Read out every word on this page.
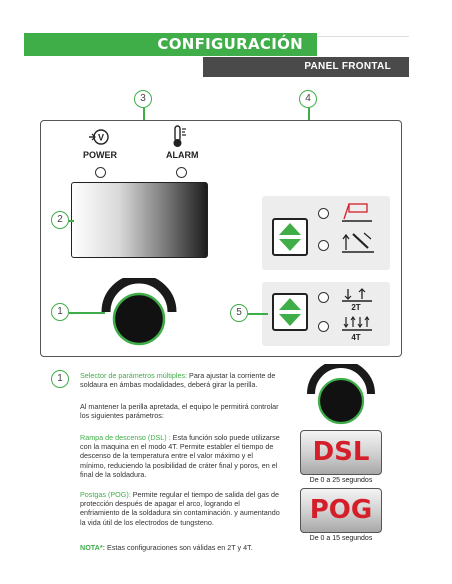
CONFIGURACIÓN
PANEL FRONTAL
3	4
V
POWER	ALARM
2
1	2T
4T
5
1	Selector de parámetros múltiples: Para ajustar la corriente de soldaura en ámbas modalidades, deberá girar la perilla.
Al mantener la perilla apretada, el equipo le permitirá controlar los siguientes parámetros:
Rampa de descenso (DSL) : Esta función solo puede utilizarse con la maquina en el modo 4T. Permite establer el tiempo de descenso de la temperatura entre el valor máximo y el mínimo, reduciendo la posibilidad de cráter final y poros, en el final de la soldadura.
Postgas (POG): Permite regular el tiempo de salida del gas de protección después de apagar el arco, logrando el enfriamiento de la soldadura sin contaminación. y aumentando la vida útil de los electrodos de tungsteno.
NOTA*: Estas configuraciones son válidas en 2T y 4T.
DSL
De 0 a 25 segundos
POG
De 0 a 15 segundos
